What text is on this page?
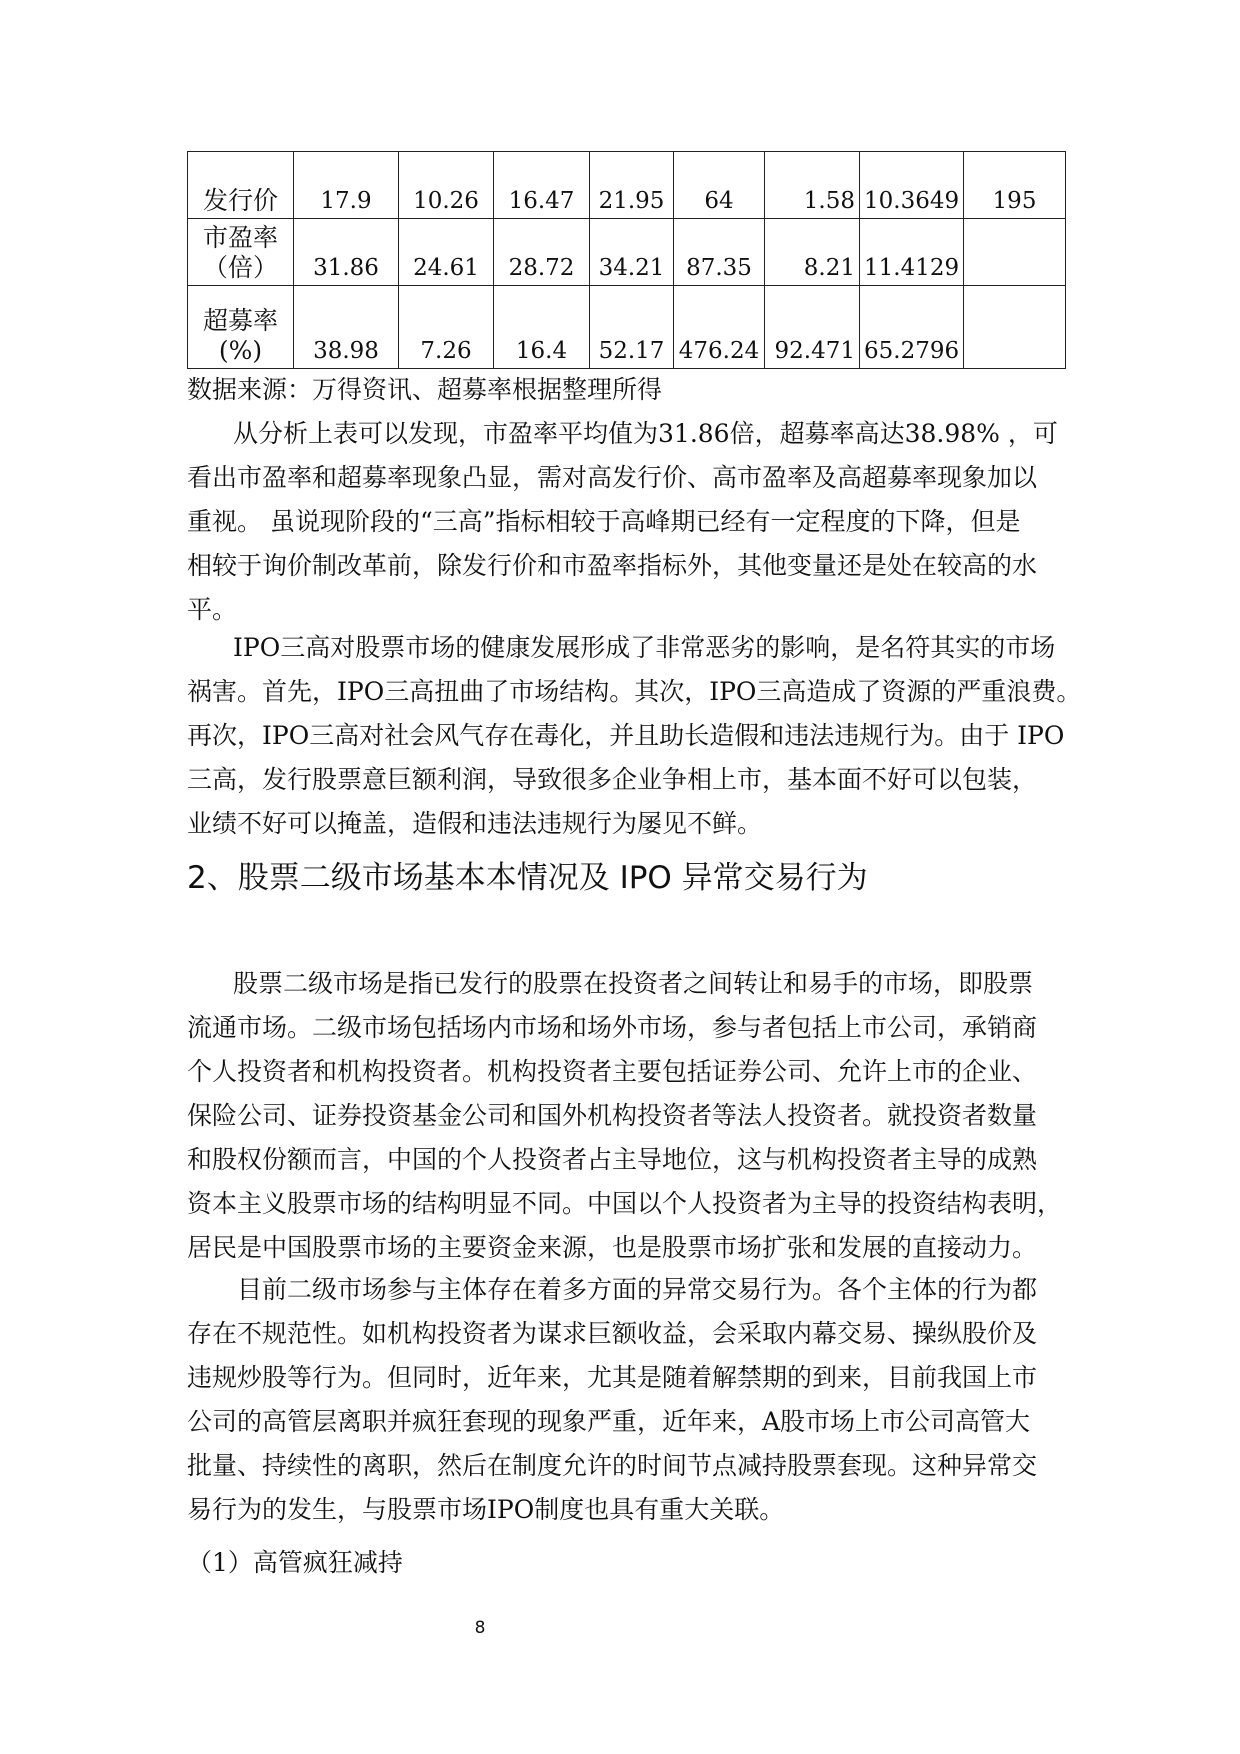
发行价	17.9	10.26	16.47	21.95	64	1.58	10.3649	195

市盈率
（倍）	31.86	24.61	28.72	34.21	87.35	8.21	11.4129	

超募率
(%)	38.98	7.26	16.4	52.17	476.24	92.471	65.2796	
数据来源：万得资讯、超募率根据整理所得
从分析上表可以发现，市盈率平均值为31.86倍，超募率高达38.98% ，可
看出市盈率和超募率现象凸显，需对高发行价、高市盈率及高超募率现象加以
重视。 虽说现阶段的“三高”指标相较于高峰期已经有一定程度的下降，但是
相较于询价制改革前，除发行价和市盈率指标外，其他变量还是处在较高的水
平。
IPO三高对股票市场的健康发展形成了非常恶劣的影响，是名符其实的市场
祸害。首先，IPO三高扭曲了市场结构。其次，IPO三高造成了资源的严重浪费。
再次，IPO三高对社会风气存在毒化，并且助长造假和违法违规行为。由于 IPO
三高，发行股票意巨额利润，导致很多企业争相上市，基本面不好可以包装，
业绩不好可以掩盖，造假和违法违规行为屡见不鲜。
2、股票二级市场基本本情况及 IPO 异常交易行为
股票二级市场是指已发行的股票在投资者之间转让和易手的市场，即股票
流通市场。二级市场包括场内市场和场外市场，参与者包括上市公司，承销商
个人投资者和机构投资者。机构投资者主要包括证券公司、允许上市的企业、
保险公司、证券投资基金公司和国外机构投资者等法人投资者。就投资者数量
和股权份额而言，中国的个人投资者占主导地位，这与机构投资者主导的成熟
资本主义股票市场的结构明显不同。中国以个人投资者为主导的投资结构表明，
居民是中国股票市场的主要资金来源，也是股票市场扩张和发展的直接动力。
目前二级市场参与主体存在着多方面的异常交易行为。各个主体的行为都
存在不规范性。如机构投资者为谋求巨额收益，会采取内幕交易、操纵股价及
违规炒股等行为。但同时，近年来，尤其是随着解禁期的到来，目前我国上市
公司的高管层离职并疯狂套现的现象严重，近年来，A股市场上市公司高管大
批量、持续性的离职，然后在制度允许的时间节点减持股票套现。这种异常交
易行为的发生，与股票市场IPO制度也具有重大关联。
（1）高管疯狂减持
8
